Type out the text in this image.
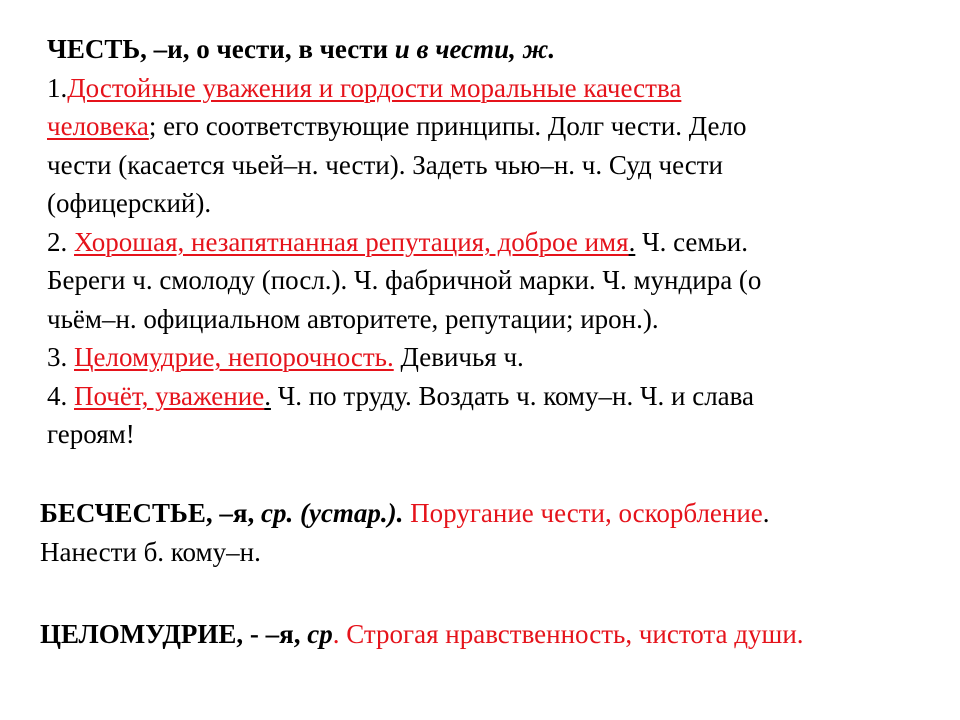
ЧЕСТЬ, –и, о чести, в чести и в чести, ж.
1.Достойные уважения и гордости моральные качества
человека; его соответствующие принципы. Долг чести. Дело
чести (касается чьей–н. чести). Задеть чью–н. ч. Суд чести
(офицерский).
2. Хорошая, незапятнанная репутация, доброе имя. Ч. семьи.
Береги ч. смолоду (посл.). Ч. фабричной марки. Ч. мундира (о
чьём–н. официальном авторитете, репутации; ирон.).
3. Целомудрие, непорочность. Девичья ч.
4. Почёт, уважение. Ч. по труду. Воздать ч. кому–н. Ч. и слава
героям!
БЕСЧЕСТЬЕ, –я, ср. (устар.). Поругание чести, оскорбление.
Нанести б. кому–н.
ЦЕЛОМУДРИЕ, - –я, ср. Строгая нравственность, чистота души.
